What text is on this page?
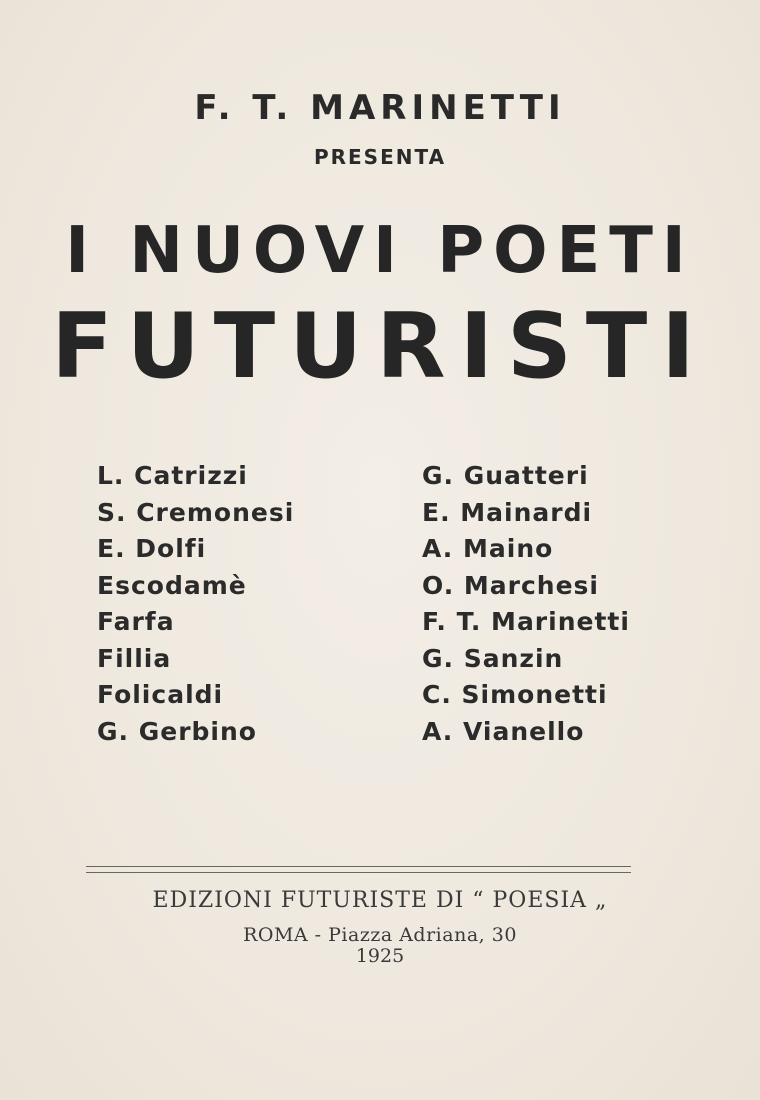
F. T. MARINETTI
PRESENTA
I NUOVI POETI
FUTURISTI
L. Catrizzi
S. Cremonesi
E. Dolfi
Escodamè
Farfa
Fillia
Folicaldi
G. Gerbino
G. Guatteri
E. Mainardi
A. Maino
O. Marchesi
F. T. Marinetti
G. Sanzin
C. Simonetti
A. Vianello
EDIZIONI FUTURISTE DI “ POESIA „
ROMA - Piazza Adriana, 30
1925
